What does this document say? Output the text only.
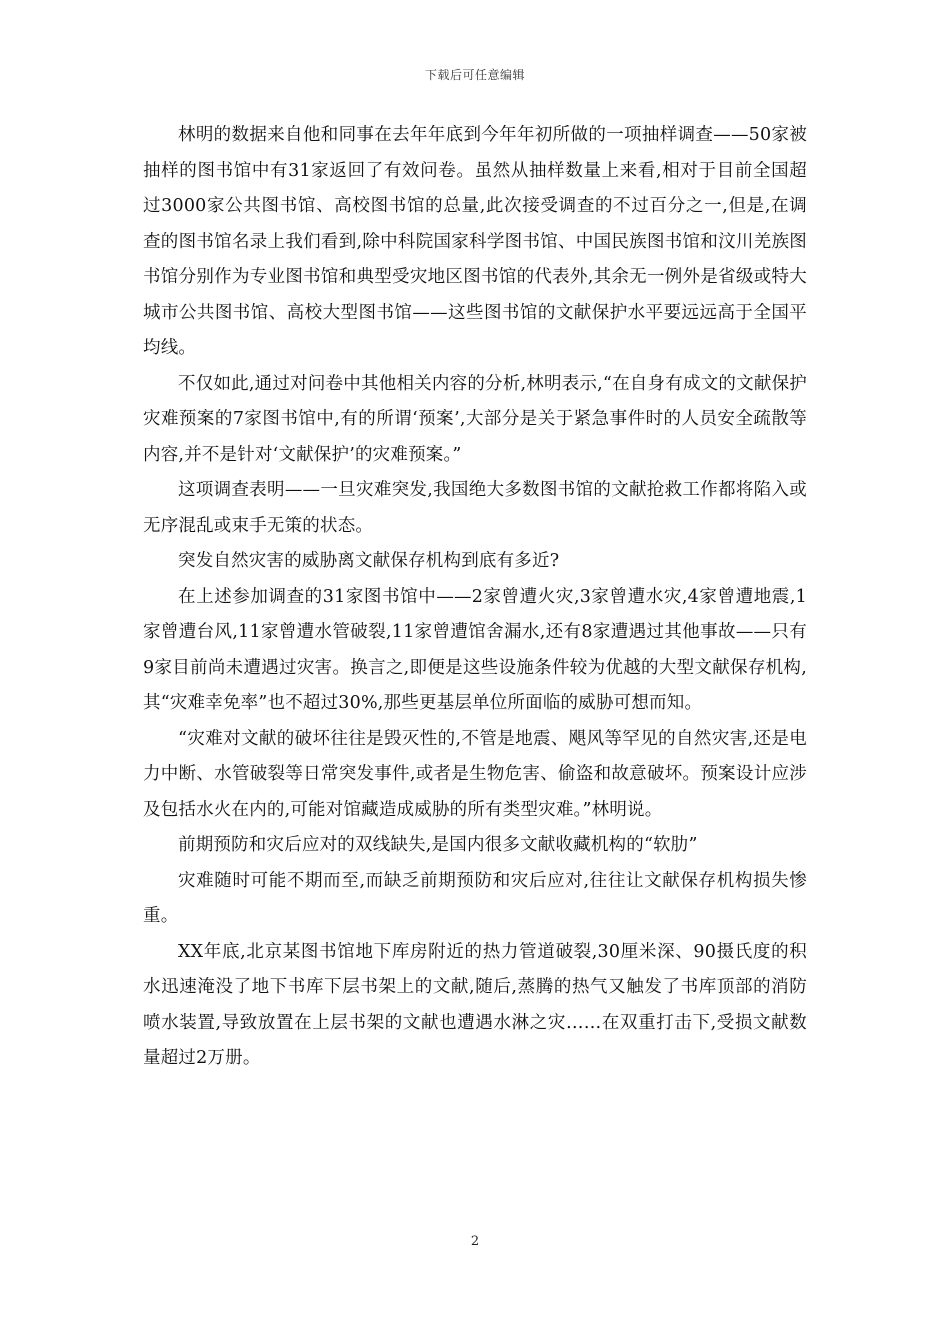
下载后可任意编辑

林明的数据来自他和同事在去年年底到今年年初所做的一项抽样调查——50家被抽样的图书馆中有31家返回了有效问卷。虽然从抽样数量上来看,相对于目前全国超过3000家公共图书馆、高校图书馆的总量,此次接受调查的不过百分之一,但是,在调查的图书馆名录上我们看到,除中科院国家科学图书馆、中国民族图书馆和汶川羌族图书馆分别作为专业图书馆和典型受灾地区图书馆的代表外,其余无一例外是省级或特大城市公共图书馆、高校大型图书馆——这些图书馆的文献保护水平要远远高于全国平均线。

不仅如此,通过对问卷中其他相关内容的分析,林明表示,“在自身有成文的文献保护灾难预案的7家图书馆中,有的所谓‘预案’,大部分是关于紧急事件时的人员安全疏散等内容,并不是针对‘文献保护’的灾难预案。”

这项调查表明——一旦灾难突发,我国绝大多数图书馆的文献抢救工作都将陷入或无序混乱或束手无策的状态。

突发自然灾害的威胁离文献保存机构到底有多近?

在上述参加调查的31家图书馆中——2家曾遭火灾,3家曾遭水灾,4家曾遭地震,1家曾遭台风,11家曾遭水管破裂,11家曾遭馆舍漏水,还有8家遭遇过其他事故——只有9家目前尚未遭遇过灾害。换言之,即便是这些设施条件较为优越的大型文献保存机构,其“灾难幸免率”也不超过30%,那些更基层单位所面临的威胁可想而知。

“灾难对文献的破坏往往是毁灭性的,不管是地震、飓风等罕见的自然灾害,还是电力中断、水管破裂等日常突发事件,或者是生物危害、偷盗和故意破坏。预案设计应涉及包括水火在内的,可能对馆藏造成威胁的所有类型灾难。”林明说。

前期预防和灾后应对的双线缺失,是国内很多文献收藏机构的“软肋”

灾难随时可能不期而至,而缺乏前期预防和灾后应对,往往让文献保存机构损失惨重。

XX年底,北京某图书馆地下库房附近的热力管道破裂,30厘米深、90摄氏度的积水迅速淹没了地下书库下层书架上的文献,随后,蒸腾的热气又触发了书库顶部的消防喷水装置,导致放置在上层书架的文献也遭遇水淋之灾……在双重打击下,受损文献数量超过2万册。

2
